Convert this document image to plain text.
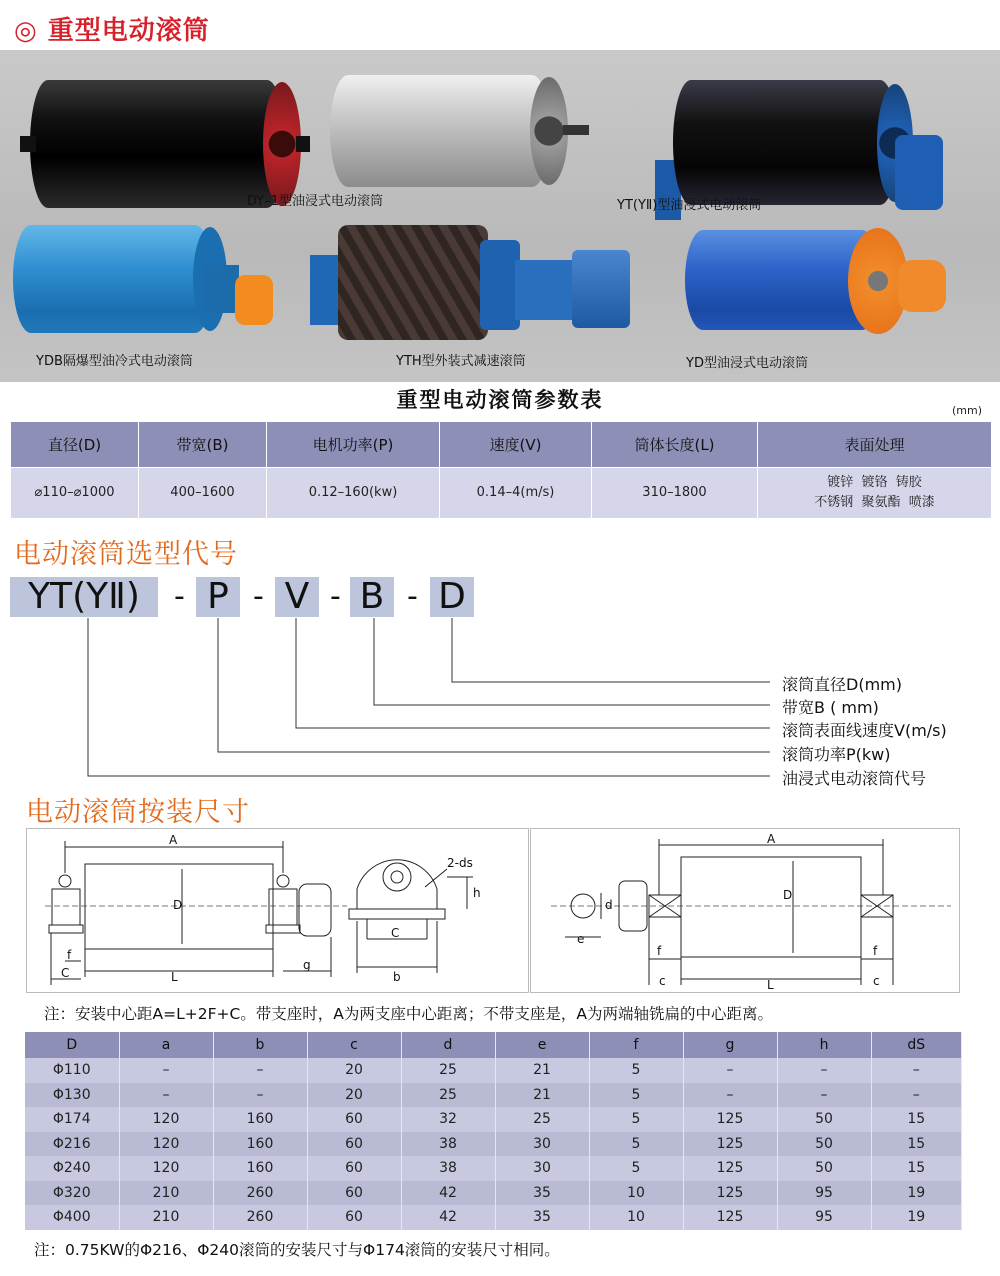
◎ 重型电动滚筒
DY–1型油浸式电动滚筒	YT(YⅡ)型油浸式电动滚筒
YDB隔爆型油冷式电动滚筒	YTH型外装式减速滚筒	YD型油浸式电动滚筒
重型电动滚筒参数表	(mm)
直径(D)	带宽(B)	电机功率(P)	速度(V)	筒体长度(L)	表面处理
⌀110–⌀1000	400–1600	0.12–160(kw)	0.14–4(m/s)	310–1800	镀锌  镀铬  铸胶
不锈钢  聚氨酯  喷漆
电动滚筒选型代号
YT(YⅡ)	- P - V - B - D
滚筒直径D(mm)
带宽B ( mm)
滚筒表面线速度V(m/s)
滚筒功率P(kw)
油浸式电动滚筒代号
电动滚筒按装尺寸
A
D
L
C
f
g
C
b
h
2-ds
A
D
L
d
e
f
c
f
c
注：安装中心距A=L+2F+C。带支座时，A为两支座中心距离；不带支座是，A为两端轴铣扁的中心距离。
D	a	b	c	d	e	f	g	h	dS
Φ110	–	–	20	25	21	5	–	–	–
Φ130	–	–	20	25	21	5	–	–	–
Φ174	120	160	60	32	25	5	125	50	15
Φ216	120	160	60	38	30	5	125	50	15
Φ240	120	160	60	38	30	5	125	50	15
Φ320	210	260	60	42	35	10	125	95	19
Φ400	210	260	60	42	35	10	125	95	19
注：0.75KW的Φ216、Φ240滚筒的安装尺寸与Φ174滚筒的安装尺寸相同。
